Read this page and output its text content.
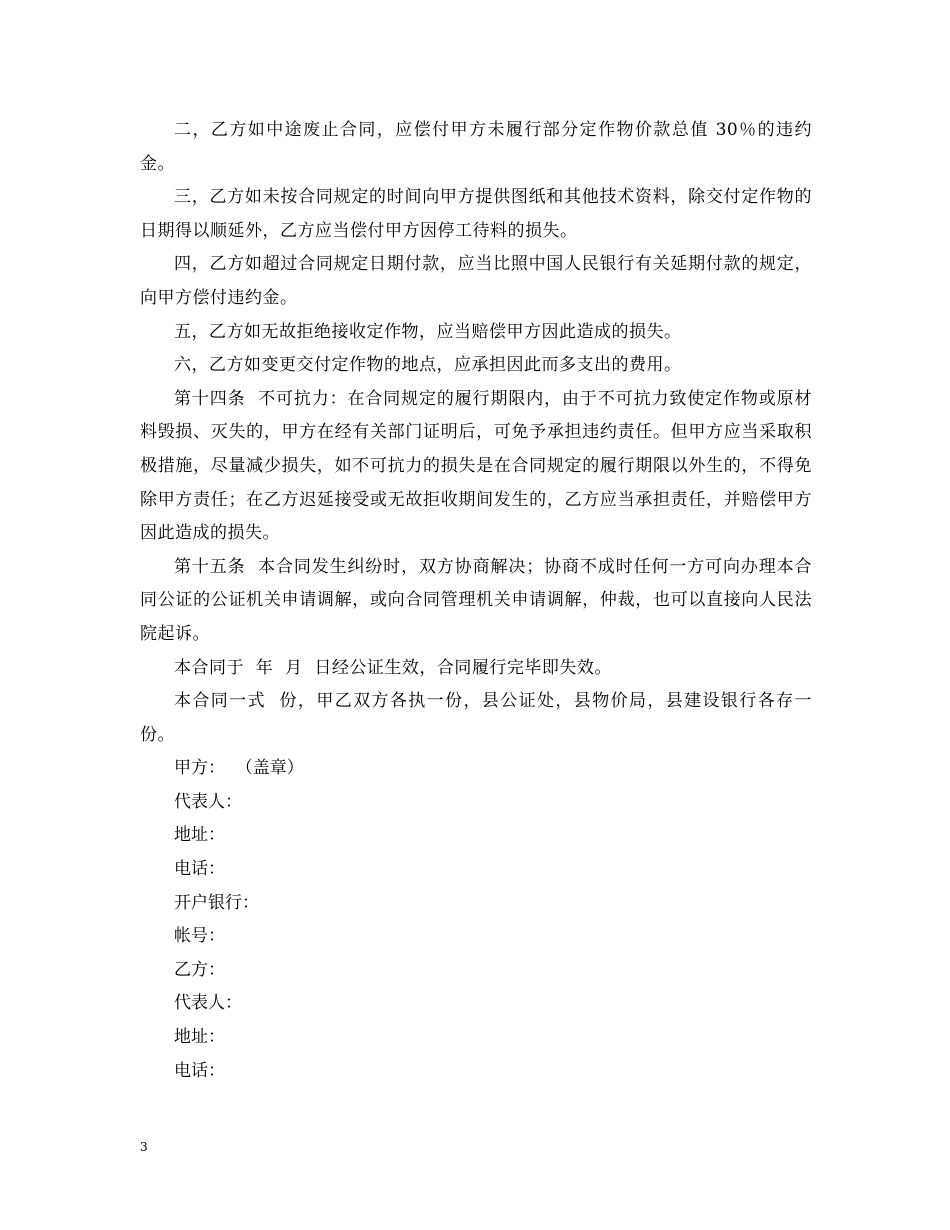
二，乙方如中途废止合同，应偿付甲方未履行部分定作物价款总值 30％的违约金。

三，乙方如未按合同规定的时间向甲方提供图纸和其他技术资料，除交付定作物的日期得以顺延外，乙方应当偿付甲方因停工待料的损失。

四，乙方如超过合同规定日期付款，应当比照中国人民银行有关延期付款的规定，向甲方偿付违约金。

五，乙方如无故拒绝接收定作物，应当赔偿甲方因此造成的损失。

六，乙方如变更交付定作物的地点，应承担因此而多支出的费用。

第十四条  不可抗力：在合同规定的履行期限内，由于不可抗力致使定作物或原材料毁损、灭失的，甲方在经有关部门证明后，可免予承担违约责任。但甲方应当采取积极措施，尽量减少损失，如不可抗力的损失是在合同规定的履行期限以外生的，不得免除甲方责任；在乙方迟延接受或无故拒收期间发生的，乙方应当承担责任，并赔偿甲方因此造成的损失。

第十五条  本合同发生纠纷时，双方协商解决；协商不成时任何一方可向办理本合同公证的公证机关申请调解，或向合同管理机关申请调解，仲裁，也可以直接向人民法院起诉。

本合同于  年  月  日经公证生效，合同履行完毕即失效。

本合同一式  份，甲乙双方各执一份，县公证处，县物价局，县建设银行各存一份。

甲方：  （盖章）

代表人：

地址：

电话：

开户银行：

帐号：

乙方：

代表人：

地址：

电话：

3
